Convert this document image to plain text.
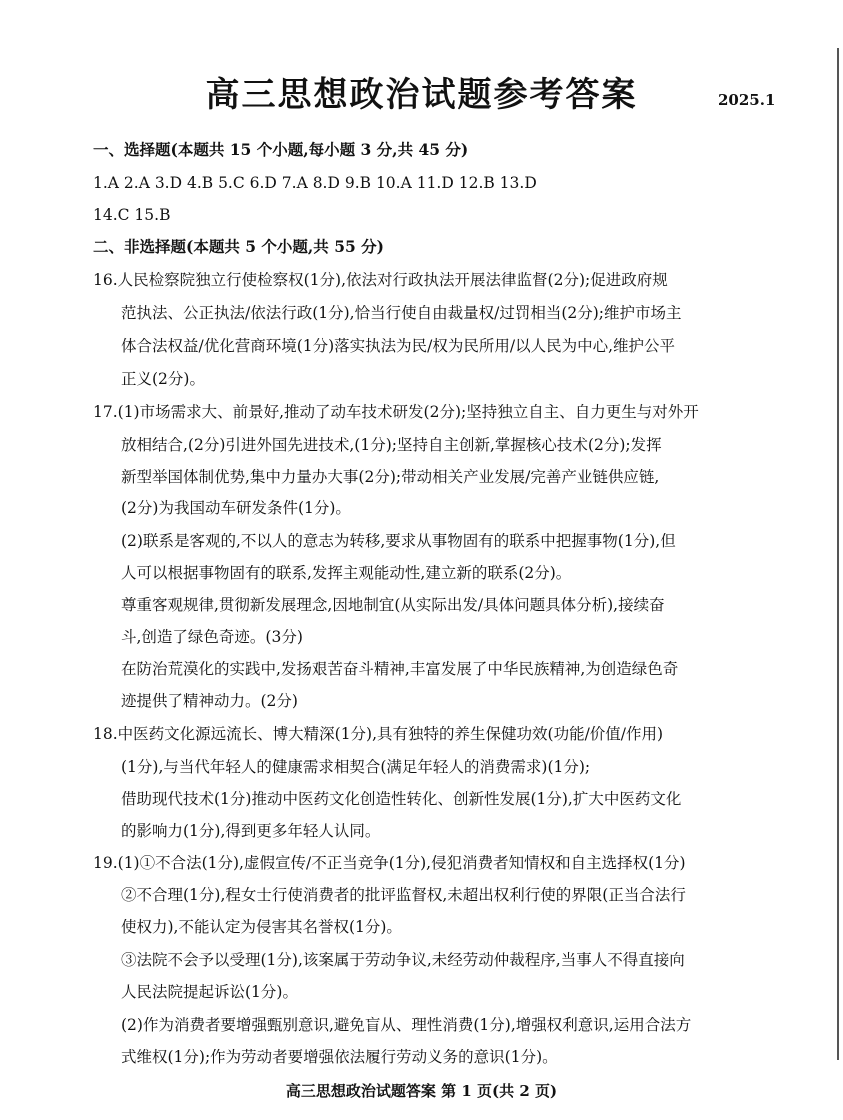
高三思想政治试题参考答案	2025.1
一、选择题(本题共 15 个小题,每小题 3 分,共 45 分)
1.A 2.A 3.D 4.B 5.C 6.D 7.A 8.D 9.B 10.A 11.D 12.B 13.D
14.C 15.B
二、非选择题(本题共 5 个小题,共 55 分)
16.人民检察院独立行使检察权(1分),依法对行政执法开展法律监督(2分);促进政府规
范执法、公正执法/依法行政(1分),恰当行使自由裁量权/过罚相当(2分);维护市场主
体合法权益/优化营商环境(1分)落实执法为民/权为民所用/以人民为中心,维护公平
正义(2分)。
17.(1)市场需求大、前景好,推动了动车技术研发(2分);坚持独立自主、自力更生与对外开
放相结合,(2分)引进外国先进技术,(1分);坚持自主创新,掌握核心技术(2分);发挥
新型举国体制优势,集中力量办大事(2分);带动相关产业发展/完善产业链供应链,
(2分)为我国动车研发条件(1分)。
(2)联系是客观的,不以人的意志为转移,要求从事物固有的联系中把握事物(1分),但
人可以根据事物固有的联系,发挥主观能动性,建立新的联系(2分)。
尊重客观规律,贯彻新发展理念,因地制宜(从实际出发/具体问题具体分析),接续奋
斗,创造了绿色奇迹。(3分)
在防治荒漠化的实践中,发扬艰苦奋斗精神,丰富发展了中华民族精神,为创造绿色奇
迹提供了精神动力。(2分)
18.中医药文化源远流长、博大精深(1分),具有独特的养生保健功效(功能/价值/作用)
(1分),与当代年轻人的健康需求相契合(满足年轻人的消费需求)(1分);
借助现代技术(1分)推动中医药文化创造性转化、创新性发展(1分),扩大中医药文化
的影响力(1分),得到更多年轻人认同。
19.(1)①不合法(1分),虚假宣传/不正当竞争(1分),侵犯消费者知情权和自主选择权(1分)
②不合理(1分),程女士行使消费者的批评监督权,未超出权利行使的界限(正当合法行
使权力),不能认定为侵害其名誉权(1分)。
③法院不会予以受理(1分),该案属于劳动争议,未经劳动仲裁程序,当事人不得直接向
人民法院提起诉讼(1分)。
(2)作为消费者要增强甄别意识,避免盲从、理性消费(1分),增强权利意识,运用合法方
式维权(1分);作为劳动者要增强依法履行劳动义务的意识(1分)。
高三思想政治试题答案 第 1 页(共 2 页)
